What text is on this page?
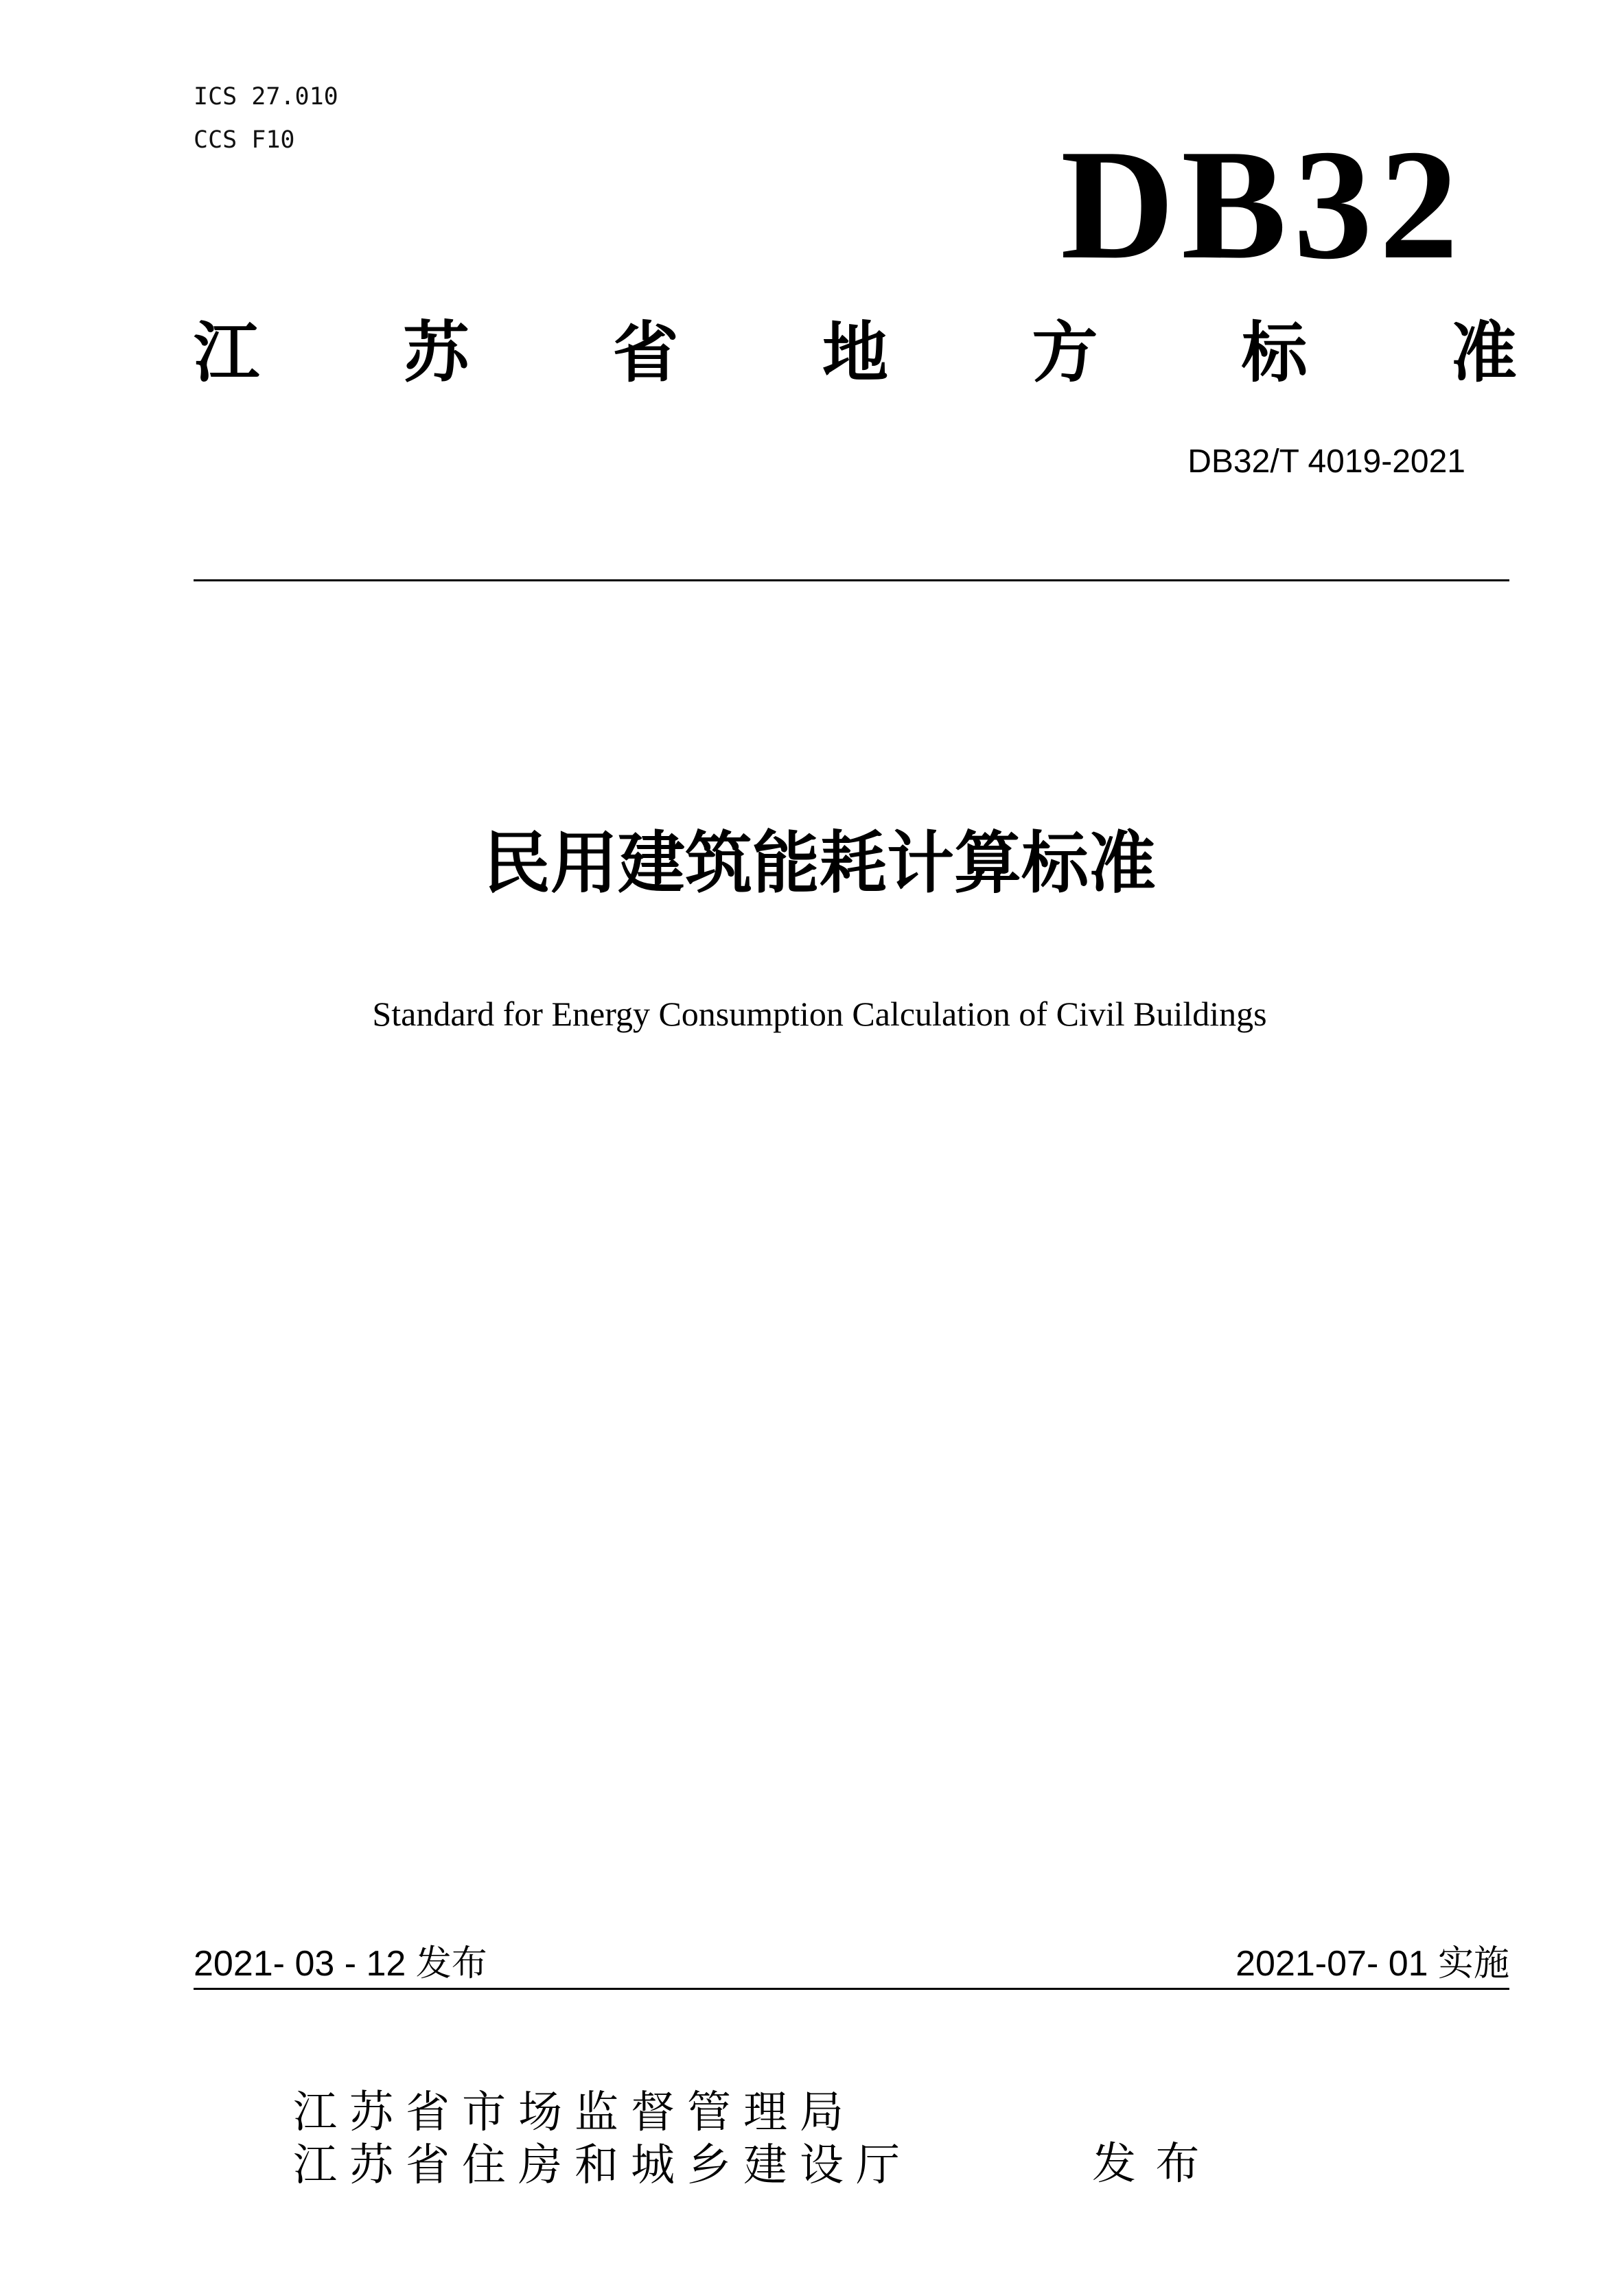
ICS 27.010
CCS F10	DB32
江 苏 省 地 方 标 准
DB32/T 4019-2021
民用建筑能耗计算标准
Standard for Energy Consumption Calculation of Civil Buildings
2021- 03 - 12 发布	2021-07- 01 实施
江苏省市场监督管理局
江苏省住房和城乡建设厅	发 布
